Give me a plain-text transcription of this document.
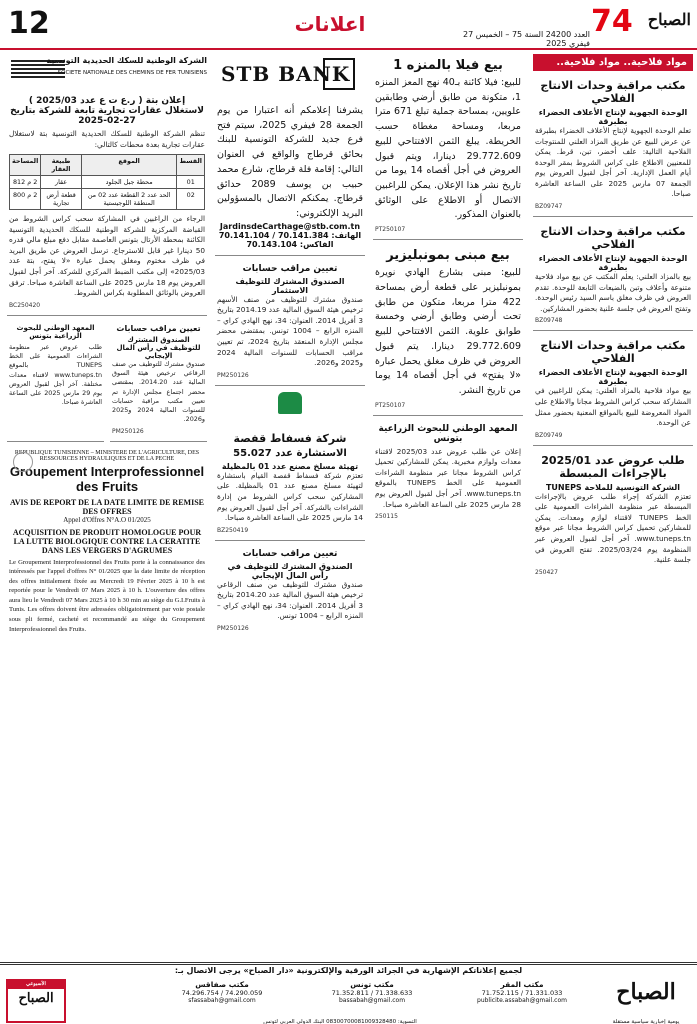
12	اعلانات	العدد 24200 السنة 75 – الخميس 27 فيفري 2025
74 الصباح
مواد فلاحية.. مواد فلاحية..
مكتب مراقبة وحدات الانتاج الفلاحي
الوحدة الجهوية لإنتاج الأعلاف الخضراء بطبرقة
تعلم الوحدة الجهوية لإنتاج الأعلاف الخضراء بطبرقة عن عرض للبيع عن طريق المزاد العلني للمنتوجات الفلاحية التالية: علف أخضر، تبن، قرط. يمكن للمعنيين الاطلاع على كراس الشروط بمقر الوحدة أيام العمل الإدارية. آخر أجل لقبول العروض يوم الجمعة 07 مارس 2025 على الساعة العاشرة صباحا.
BZ09747
مكتب مراقبة وحدات الانتاج الفلاحي
الوحدة الجهوية لإنتاج الأعلاف الخضراء بطبرقة
بيع بالمزاد العلني: يعلم المكتب عن بيع مواد فلاحية متنوعة وأعلاف وتبن بالضيعات التابعة للوحدة. تقدم العروض في ظرف مغلق باسم السيد رئيس الوحدة. وتفتح العروض في جلسة علنية بحضور المشاركين.
BZ09748
مكتب مراقبة وحدات الانتاج الفلاحي
الوحدة الجهوية لإنتاج الأعلاف الخضراء بطبرقة
بيع مواد فلاحية بالمزاد العلني: يمكن للراغبين في المشاركة سحب كراس الشروط مجانا والاطلاع على المواد المعروضة للبيع بالمواقع المعنية بحضور ممثل عن الوحدة.
BZ09749
طلب عروض عدد 2025/01 بالإجراءات المبسطة
الشركة التونسية للملاحة TUNEPS
تعتزم الشركة إجراء طلب عروض بالإجراءات المبسطة عبر منظومة الشراءات العمومية على الخط TUNEPS لاقتناء لوازم ومعدات. يمكن للمشاركين تحميل كراس الشروط مجانا عبر موقع www.tuneps.tn. آخر أجل لقبول العروض عبر المنظومة يوم 2025/03/24. تفتح العروض في جلسة علنية.
250427
بيع فيلا بالمنزه 1
للبيع: فيلا كائنة بـ40 نهج المعز المنزه 1، متكونة من طابق أرضي وطابقين علويين، بمساحة جملية تبلغ 671 مترا مربعا، ومساحة مغطاة حسب الخريطة. يبلغ الثمن الافتتاحي للبيع 29.772.609 دينارا، ويتم قبول العروض في أجل أقصاه 14 يوما من تاريخ نشر هذا الإعلان. يمكن للراغبين الاتصال أو الاطلاع على الوثائق بالعنوان المذكور.
PT250107
بيع مبنى بمونبليزير
للبيع: مبنى بشارع الهادي نويرة بمونبليزير على قطعة أرض بمساحة 422 مترا مربعا، متكون من طابق تحت أرضي وطابق أرضي وخمسة طوابق علوية. الثمن الافتتاحي للبيع 29.772.609 دينارا. يتم قبول العروض في ظرف مغلق يحمل عبارة «لا يفتح» في أجل أقصاه 14 يوما من تاريخ النشر.
PT250107
المعهد الوطني للبحوث الزراعية بتونس
إعلان عن طلب عروض عدد 2025/03 لاقتناء معدات ولوازم مخبرية. يمكن للمشاركين تحميل كراس الشروط مجانا عبر منظومة الشراءات العمومية على الخط TUNEPS بالموقع www.tuneps.tn. آخر أجل لقبول العروض يوم 28 مارس 2025 على الساعة العاشرة صباحا.
250115
STB BANK
يشرفنا إعلامكم أنه اعتبارا من يوم الجمعة 28 فيفري 2025، سيتم فتح فرع جديد للشركة التونسية للبنك بحائق قرطاج والواقع في العنوان التالي: إقامة فلة قرطاج، شارع محمد حبيب بن يوسف 2089 حدائق قرطاج. يمكنكم الاتصال بالمسؤولين البريد الإلكتروني:
JardinsdeCarthage@stb.com.tn
الهاتف: 70.141.384 / 70.141.104
الفاكس: 70.143.104
تعيين مراقب حسابات
الصندوق المشترك للتوظيف الاستثمار
صندوق مشترك للتوظيف من صنف الأسهم ترخيص هيئة السوق المالية عدد 2014.19 بتاريخ 3 أفريل 2014. العنوان: 34، نهج الهادي كراي – المنزه الرابع – 1004 تونس. بمقتضى محضر مجلس الإدارة المنعقد بتاريخ 2024، تم تعيين مراقب الحسابات للسنوات المالية 2024 و2025 و2026.
PM250126
شركة فسفاط قفصة
الاستشارة عدد 55.027
تهيئة مسلخ مصنع عدد 01 بالمظيلة
تعتزم شركة فسفاط قفصة القيام باستشارة لتهيئة مسلخ مصنع عدد 01 بالمظيلة. على المشاركين سحب كراس الشروط من إدارة الشراءات بالشركة. آخر أجل لقبول العروض يوم 14 مارس 2025 على الساعة العاشرة صباحا.
BZ250419
تعيين مراقب حسابات
الصندوق المشترك للتوظيف في رأس المال الإيجابي
صندوق مشترك للتوظيف من صنف الرقاعي ترخيص هيئة السوق المالية عدد 2014.20 بتاريخ 3 أفريل 2014. العنوان: 34، نهج الهادي كراي – المنزه الرابع – 1004 تونس.
PM250126
الشركة الوطنية للسكك الحديدية التونسية
SOCIETE NATIONALE DES CHEMINS DE FER TUNISIENS
إعلان بتة ( ر.ع ت ع عدد 2025/03 ) لاستغلال عقارات تجارية تابعة للشركة بتاريخ 27-02-2025
تنظم الشركة الوطنية للسكك الحديدية التونسية بتة لاستغلال عقارات تجارية بعدة محطات كالتالي:
القسط	الموقع	طبيعة العقار	المساحة
01	محطة جبل الجلود	عقار	2 م 812
02	الحد عدد 2 القطعة عدد 02 من المنطقة اللوجيستية	قطعة أرض تجارية	2 م 800
الرجاء من الراغبين في المشاركة سحب كراس الشروط من القباضة المركزية للشركة الوطنية للسكك الحديدية التونسية الكائنة بمحطة الأرتال بتونس العاصمة مقابل دفع مبلغ مالي قدره 50 دينارا غير قابل للاسترجاع. ترسل العروض عن طريق البريد في ظرف مختوم ومغلق يحمل عبارة «لا يفتح، بتة عدد 2025/03» إلى مكتب الضبط المركزي للشركة. آخر أجل لقبول العروض يوم 18 مارس 2025 على الساعة العاشرة صباحا. ترفق العروض بالوثائق المطلوبة بكراس الشروط.
BC250420
تعيين مراقب حسابات
الصندوق المشترك للتوظيف في رأس المال الإيجابي
صندوق مشترك للتوظيف من صنف الرقاعي ترخيص هيئة السوق المالية عدد 2014.20. بمقتضى محضر اجتماع مجلس الإدارة تم تعيين مكتب مراقبة حسابات للسنوات المالية 2024 و2025 و2026.
PM250126
المعهد الوطني للبحوث الزراعية بتونس
طلب عروض عبر منظومة الشراءات العمومية على الخط TUNEPS بالموقع www.tuneps.tn لاقتناء معدات مختلفة. آخر أجل لقبول العروض يوم 29 مارس 2025 على الساعة العاشرة صباحا.
REPUBLIQUE TUNISIENNE – MINISTERE DE L'AGRICULTURE, DES RESSOURCES HYDRAULIQUES ET DE LA PECHE
Groupement Interprofessionnel des Fruits
AVIS DE REPORT DE LA DATE LIMITE DE REMISE DES OFFRES
Appel d'Offres N°A.O 01/2025
ACQUISITION DE PRODUIT HOMOLOGUE POUR LA LUTTE BIOLOGIQUE CONTRE LA CERATITE DANS LES VERGERS D'AGRUMES
Le Groupement Interprofessionnel des Fruits porte à la connaissance des intéressés par l'appel d'offres N° 01/2025 que la date limite de réception des offres initialement fixée au Mercredi 19 Février 2025 à 10 h est reportée pour le Vendredi 07 Mars 2025 à 10 h. L'ouverture des offres aura lieu le Vendredi 07 Mars 2025 à 10 h 30 min au siège du G.I.Fruits à Tunis. Les offres doivent être adressées obligatoirement par voie postale sous pli fermé, cacheté et recommandé au siège du Groupement Interprofessionnel des Fruits.
لجميع إعلاناتكم الإشهارية في الجرائد الورقية والإلكترونية «دار الصباح» يرجى الاتصال بـ:
مكتب المقر
71.752.115 / 71.331.033
publicite.assabah@gmail.com
مكتب تونس
71.352.811 / 71.338.633
bassabah@gmail.com
مكتب صفاقس
74.296.754 / 74.290.059
sfassabah@gmail.com	الصباح
يومية إخبارية سياسية مستقلة
الأسبوعي
الصباح
التسوية: 08300700081009328480 البنك الدولي العربي لتونس
